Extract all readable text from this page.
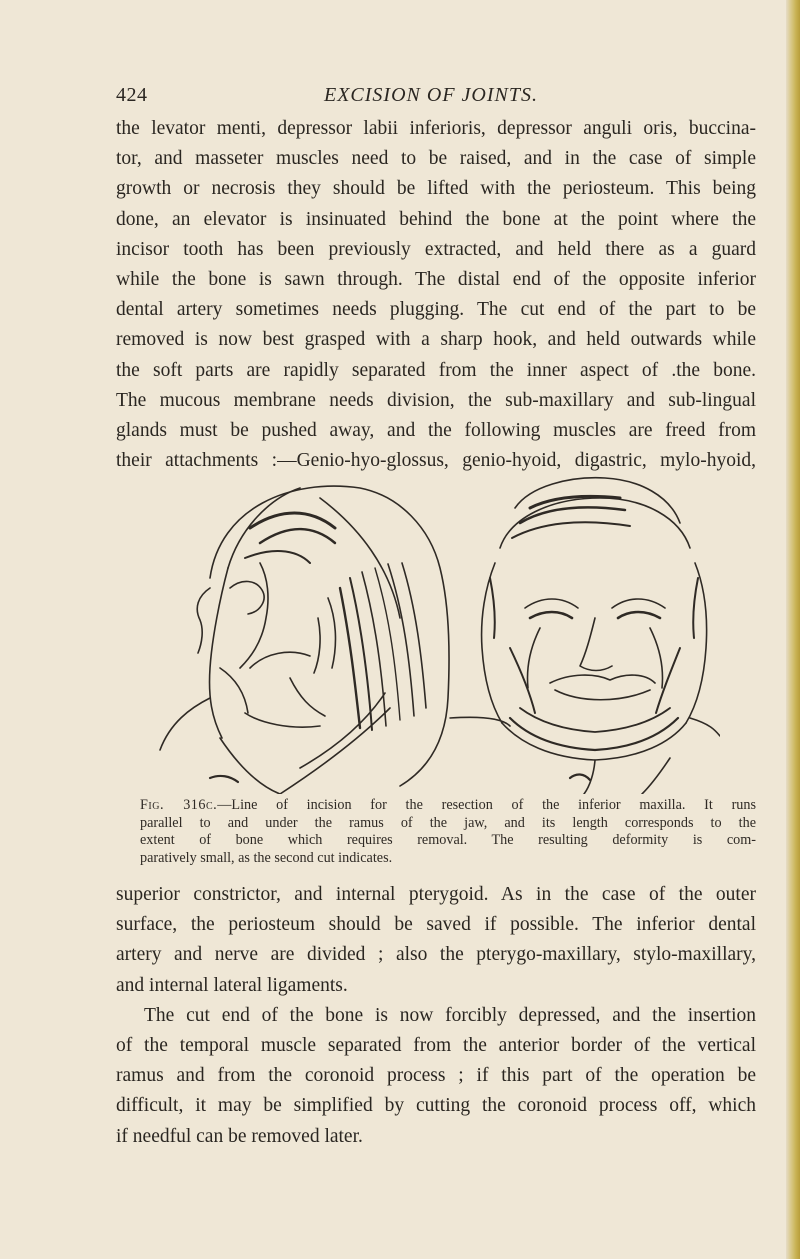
424	EXCISION OF JOINTS.
the levator menti, depressor labii inferioris, depressor anguli oris, buccina-
tor, and masseter muscles need to be raised, and in the case of simple
growth or necrosis they should be lifted with the periosteum. This being
done, an elevator is insinuated behind the bone at the point where the
incisor tooth has been previously extracted, and held there as a guard
while the bone is sawn through. The distal end of the opposite inferior
dental artery sometimes needs plugging. The cut end of the part to be
removed is now best grasped with a sharp hook, and held outwards while
the soft parts are rapidly separated from the inner aspect of .the bone.
The mucous membrane needs division, the sub-maxillary and sub-lingual
glands must be pushed away, and the following muscles are freed from
their attachments :—Genio-hyo-glossus, genio-hyoid, digastric, mylo-hyoid,
Fig. 316c.—Line of incision for the resection of the inferior maxilla. It runs
parallel to and under the ramus of the jaw, and its length corresponds to the
extent of bone which requires removal. The resulting deformity is com-
paratively small, as the second cut indicates.
superior constrictor, and internal pterygoid. As in the case of the outer
surface, the periosteum should be saved if possible. The inferior dental
artery and nerve are divided ; also the pterygo-maxillary, stylo-maxillary,
and internal lateral ligaments.
The cut end of the bone is now forcibly depressed, and the insertion
of the temporal muscle separated from the anterior border of the vertical
ramus and from the coronoid process ; if this part of the operation be
difficult, it may be simplified by cutting the coronoid process off, which
if needful can be removed later.
